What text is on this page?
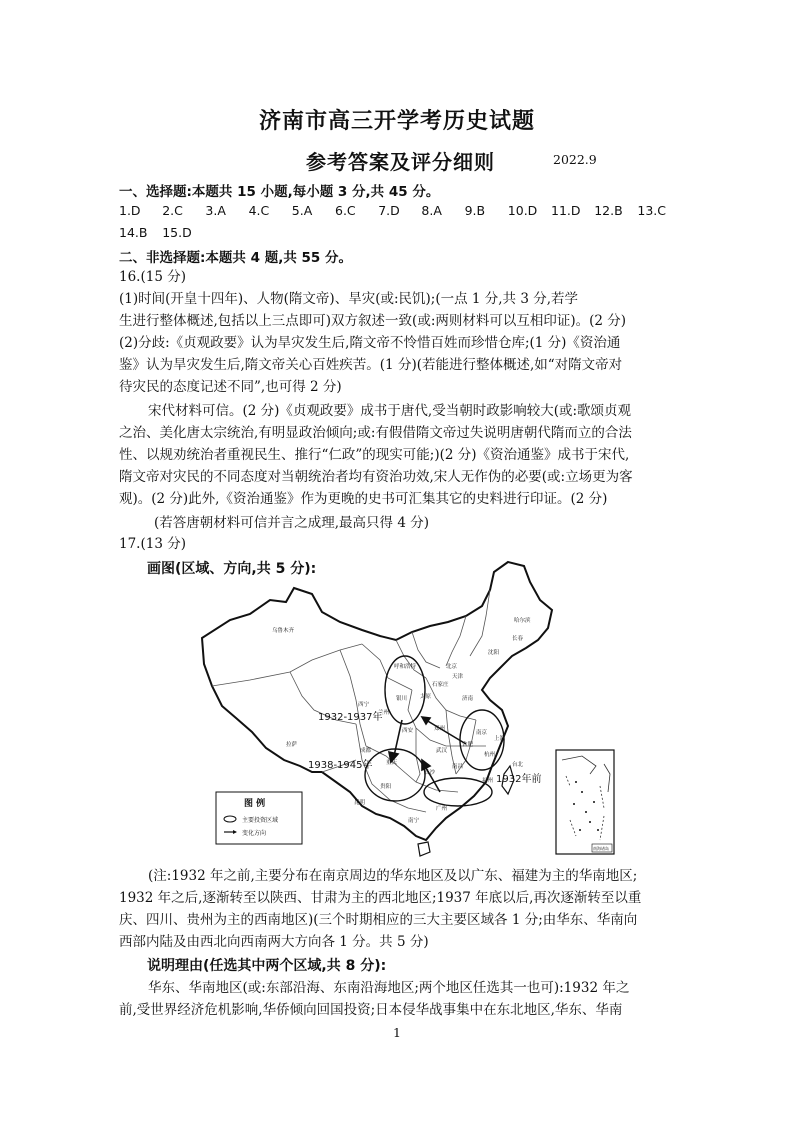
济南市高三开学考历史试题
参考答案及评分细则	2022.9
一、选择题:本题共 15 小题,每小题 3 分,共 45 分。
1.D 2.C 3.A 4.C 5.A 6.C 7.D 8.A 9.B 10.D 11.D 12.B 13.C
14.B 15.D
二、非选择题:本题共 4 题,共 55 分。
16.(15 分)
(1)时间(开皇十四年)、人物(隋文帝)、旱灾(或:民饥);(一点 1 分,共 3 分,若学
生进行整体概述,包括以上三点即可)双方叙述一致(或:两则材料可以互相印证)。(2 分)
(2)分歧:《贞观政要》认为旱灾发生后,隋文帝不怜惜百姓而珍惜仓库;(1 分)《资治通
鉴》认为旱灾发生后,隋文帝关心百姓疾苦。(1 分)(若能进行整体概述,如“对隋文帝对
待灾民的态度记述不同”,也可得 2 分)
宋代材料可信。(2 分)《贞观政要》成书于唐代,受当朝时政影响较大(或:歌颂贞观
之治、美化唐太宗统治,有明显政治倾向;或:有假借隋文帝过失说明唐朝代隋而立的合法
性、以规劝统治者重视民生、推行“仁政”的现实可能;)(2 分)《资治通鉴》成书于宋代,
隋文帝对灾民的不同态度对当朝统治者均有资治功效,宋人无作伪的必要(或:立场更为客
观)。(2 分)此外,《资治通鉴》作为更晚的史书可汇集其它的史料进行印证。(2 分)
(若答唐朝材料可信并言之成理,最高只得 4 分)
17.(13 分)
画图(区域、方向,共 5 分):
1932-1937年
1938-1945年
1932年前
乌鲁木齐
哈尔滨
长春
沈阳
呼和浩特	北京
天津
石家庄
太原	济南
西宁
兰州
银川
西安	郑州
南京
上海
合肥
武汉
成都
重庆
长沙
南昌
杭州
福州
贵阳
昆明
拉萨
广州
南宁
台北
图 例
主要投资区域
变化方向
南海诸岛
(注:1932 年之前,主要分布在南京周边的华东地区及以广东、福建为主的华南地区;
1932 年之后,逐渐转至以陕西、甘肃为主的西北地区;1937 年底以后,再次逐渐转至以重
庆、四川、贵州为主的西南地区)(三个时期相应的三大主要区域各 1 分;由华东、华南向
西部内陆及由西北向西南两大方向各 1 分。共 5 分)
说明理由(任选其中两个区域,共 8 分):
华东、华南地区(或:东部沿海、东南沿海地区;两个地区任选其一也可):1932 年之
前,受世界经济危机影响,华侨倾向回国投资;日本侵华战事集中在东北地区,华东、华南
1
